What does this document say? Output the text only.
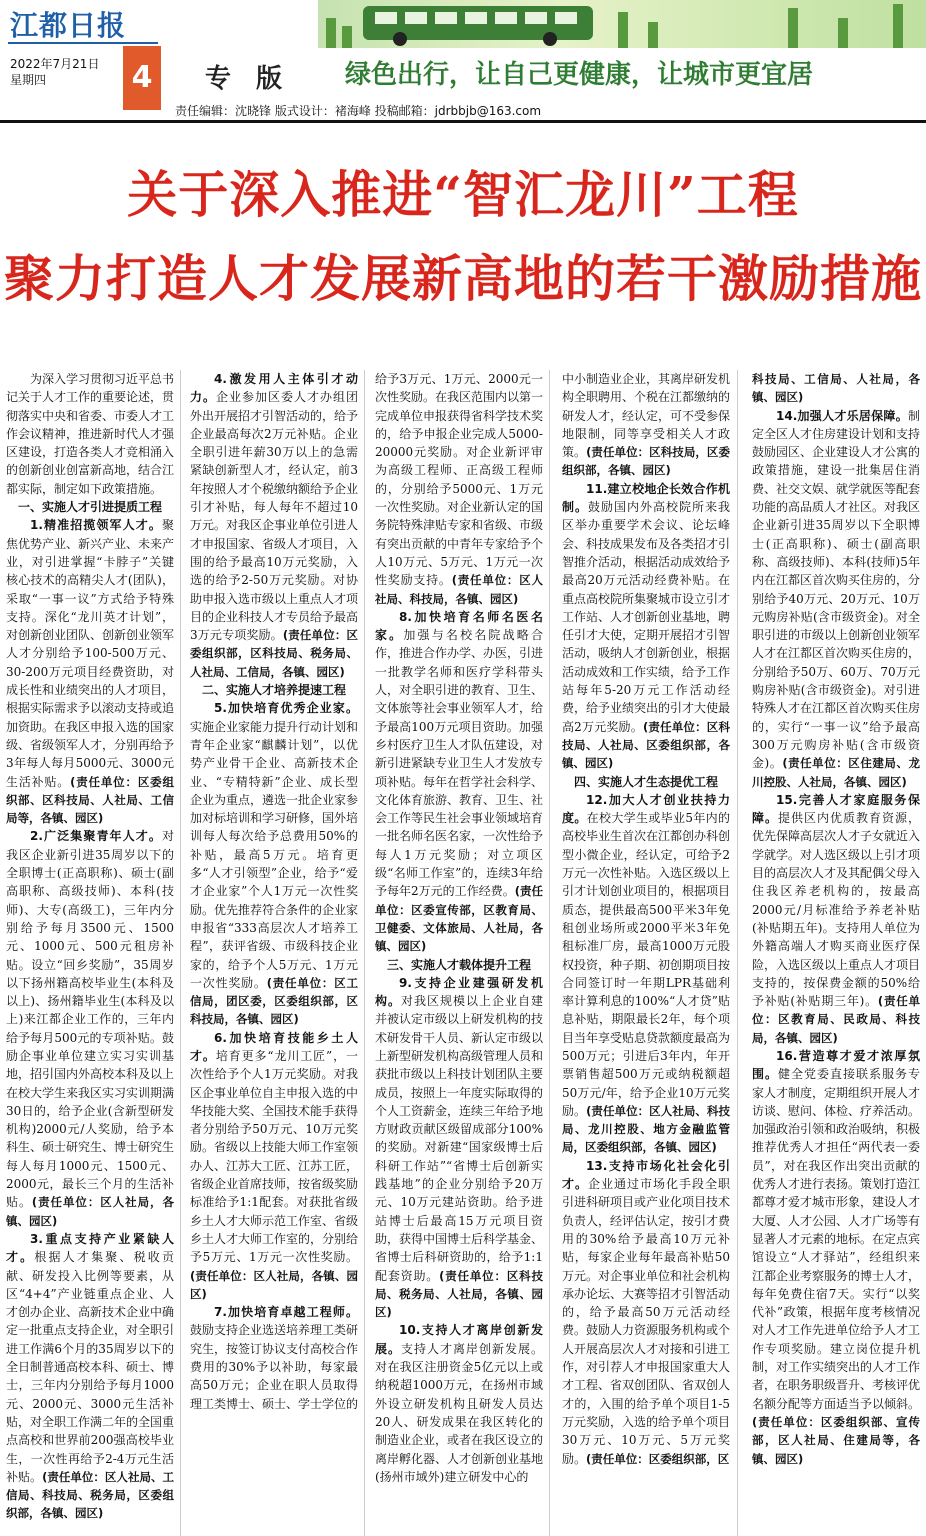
江都日报
2022年7月21日
星期四	4	专 版 绿色出行，让自己更健康，让城市更宜居
责任编辑：沈晓锋 版式设计：褚海峰 投稿邮箱：jdrbbjb@163.com
关于深入推进“智汇龙川”工程
聚力打造人才发展新高地的若干激励措施

为深入学习贯彻习近平总书记关于人才工作的重要论述，贯彻落实中央和省委、市委人才工作会议精神，推进新时代人才强区建设，打造各类人才竞相涌入的创新创业创富新高地，结合江都实际，制定如下政策措施。

一、实施人才引进提质工程

1.精准招揽领军人才。聚焦优势产业、新兴产业、未来产业，对引进掌握“卡脖子”关键核心技术的高精尖人才(团队)，采取“一事一议”方式给予特殊支持。深化“龙川英才计划”，对创新创业团队、创新创业领军人才分别给予100-500万元、30-200万元项目经费资助，对成长性和业绩突出的人才项目，根据实际需求予以滚动支持或追加资助。在我区申报入选的国家级、省级领军人才，分别再给予3年每人每月5000元、3000元生活补贴。(责任单位：区委组织部、区科技局、人社局、工信局等，各镇、园区)

2.广泛集聚青年人才。对我区企业新引进35周岁以下的全职博士(正高职称)、硕士(副高职称、高级技师)、本科(技师)、大专(高级工)，三年内分别给予每月3500元、1500元、1000元、500元租房补贴。设立“回乡奖励”，35周岁以下扬州籍高校毕业生(本科及以上)、扬州籍毕业生(本科及以上)来江都企业工作的，三年内给予每月500元的专项补贴。鼓励企事业单位建立实习实训基地，招引国内外高校本科及以上在校大学生来我区实习实训期满30日的，给予企业(含新型研发机构)2000元/人奖励，给予本科生、硕士研究生、博士研究生每人每月1000元、1500元、2000元，最长三个月的生活补贴。(责任单位：区人社局，各镇、园区)

3.重点支持产业紧缺人才。根据人才集聚、税收贡献、研发投入比例等要素，从区“4+4”产业链重点企业、人才创办企业、高新技术企业中确定一批重点支持企业，对全职引进工作满6个月的35周岁以下的全日制普通高校本科、硕士、博士，三年内分别给予每月1000元、2000元、3000元生活补贴，对全职工作满二年的全国重点高校和世界前200强高校毕业生，一次性再给予2-4万元生活补贴。(责任单位：区人社局、工信局、科技局、税务局，区委组织部，各镇、园区)

4.激发用人主体引才动力。企业参加区委人才办组团外出开展招才引智活动的，给予企业最高每次2万元补贴。企业全职引进年薪30万以上的急需紧缺创新型人才，经认定，前3年按照人才个税缴纳额给予企业引才补贴，每人每年不超过10万元。对我区企事业单位引进人才申报国家、省级人才项目，入围的给予最高10万元奖励，入选的给予2-50万元奖励。对协助申报入选市级以上重点人才项目的企业科技人才专员给予最高3万元专项奖励。(责任单位：区委组织部，区科技局、税务局、人社局、工信局，各镇、园区)

二、实施人才培养提速工程

5.加快培育优秀企业家。实施企业家能力提升行动计划和青年企业家“麒麟计划”，以优势产业骨干企业、高新技术企业、“专精特新”企业、成长型企业为重点，遴选一批企业家参加对标培训和学习研修，国外培训每人每次给予总费用50%的补贴，最高5万元。培育更多“人才引领型”企业，给予“爱才企业家”个人1万元一次性奖励。优先推荐符合条件的企业家申报省“333高层次人才培养工程”，获评省级、市级科技企业家的，给予个人5万元、1万元一次性奖励。(责任单位：区工信局，团区委，区委组织部，区科技局，各镇、园区)

6.加快培育技能乡土人才。培育更多“龙川工匠”，一次性给予个人1万元奖励。对我区企事业单位自主申报入选的中华技能大奖、全国技术能手获得者分别给予50万元、10万元奖励。省级以上技能大师工作室领办人、江苏大工匠、江苏工匠，省级企业首席技师，按省级奖励标准给予1:1配套。对获批省级乡土人才大师示范工作室、省级乡土人才大师工作室的，分别给予5万元、1万元一次性奖励。(责任单位：区人社局，各镇、园区)

7.加快培育卓越工程师。鼓励支持企业选送培养理工类研究生，按签订协议支付高校合作费用的30%予以补助，每家最高50万元；企业在职人员取得理工类博士、硕士、学士学位的

给予3万元、1万元、2000元一次性奖励。在我区范围内以第一完成单位申报获得省科学技术奖的，给予申报企业完成人5000-20000元奖励。对企业新评审为高级工程师、正高级工程师的，分别给予5000元、1万元一次性奖励。对企业新认定的国务院特殊津贴专家和省级、市级有突出贡献的中青年专家给予个人10万元、5万元、1万元一次性奖励支持。(责任单位：区人社局、科技局，各镇、园区)

8.加快培育名师名医名家。加强与名校名院战略合作，推进合作办学、办医，引进一批教学名师和医疗学科带头人，对全职引进的教育、卫生、文体旅等社会事业领军人才，给予最高100万元项目资助。加强乡村医疗卫生人才队伍建设，对新引进紧缺专业卫生人才发放专项补贴。每年在哲学社会科学、文化体育旅游、教育、卫生、社会工作等民生社会事业领域培育一批名师名医名家，一次性给予每人1万元奖励；对立项区级“名师工作室”的，连续3年给予每年2万元的工作经费。(责任单位：区委宣传部，区教育局、卫健委、文体旅局、人社局，各镇、园区)

三、实施人才载体提升工程

9.支持企业建强研发机构。对我区规模以上企业自建并被认定市级以上研发机构的技术研发骨干人员、新认定市级以上新型研发机构高级管理人员和获批市级以上科技计划团队主要成员，按照上一年度实际取得的个人工资薪金，连续三年给予地方财政贡献区级留成部分100%的奖励。对新建“国家级博士后科研工作站”“省博士后创新实践基地”的企业分别给予20万元、10万元建站资助。给予进站博士后最高15万元项目资助，获得中国博士后科学基金、省博士后科研资助的，给予1:1配套资助。(责任单位：区科技局、税务局、人社局，各镇、园区)

10.支持人才离岸创新发展。支持人才离岸创新发展。对在我区注册资金5亿元以上或纳税超1000万元，在扬州市域外设立研发机构且研发人员达20人、研发成果在我区转化的制造业企业，或者在我区设立的离岸孵化器、人才创新创业基地(扬州市域外)建立研发中心的

中小制造业企业，其离岸研发机构全职聘用、个税在江都缴纳的研发人才，经认定，可不受参保地限制，同等享受相关人才政策。(责任单位：区科技局，区委组织部，各镇、园区)

11.建立校地企长效合作机制。鼓励国内外高校院所来我区举办重要学术会议、论坛峰会、科技成果发布及各类招才引智推介活动，根据活动成效给予最高20万元活动经费补贴。在重点高校院所集聚城市设立引才工作站、人才创新创业基地，聘任引才大使，定期开展招才引智活动，吸纳人才创新创业，根据活动成效和工作实绩，给予工作站每年5-20万元工作活动经费，给予业绩突出的引才大使最高2万元奖励。(责任单位：区科技局、人社局、区委组织部，各镇、园区)

四、实施人才生态提优工程

12.加大人才创业扶持力度。在校大学生或毕业5年内的高校毕业生首次在江都创办科创型小微企业，经认定，可给予2万元一次性补贴。入选区级以上引才计划创业项目的，根据项目质态，提供最高500平米3年免租创业场所或2000平米3年免租标准厂房，最高1000万元股权投资，种子期、初创期项目按合同签订时一年期LPR基础利率计算利息的100%“人才贷”贴息补贴，期限最长2年，每个项目当年享受贴息贷款额度最高为500万元；引进后3年内，年开票销售超500万元或纳税额超50万元/年，给予企业10万元奖励。(责任单位：区人社局、科技局、龙川控股、地方金融监管局，区委组织部，各镇、园区)

13.支持市场化社会化引才。企业通过市场化手段全职引进科研项目或产业化项目技术负责人，经评估认定，按引才费用的30%给予最高10万元补贴，每家企业每年最高补贴50万元。对企事业单位和社会机构承办论坛、大赛等招才引智活动的，给予最高50万元活动经费。鼓励人力资源服务机构或个人开展高层次人才对接和引进工作，对引荐人才申报国家重大人才工程、省双创团队、省双创人才的，入围的给予单个项目1-5万元奖励，入选的给予单个项目30万元、10万元、5万元奖励。(责任单位：区委组织部，区

科技局、工信局、人社局，各镇、园区)

14.加强人才乐居保障。制定全区人才住房建设计划和支持鼓励园区、企业建设人才公寓的政策措施，建设一批集居住消费、社交文娱、就学就医等配套功能的高品质人才社区。对我区企业新引进35周岁以下全职博士(正高职称)、硕士(副高职称、高级技师)、本科(技师)5年内在江都区首次购买住房的，分别给予40万元、20万元、10万元购房补贴(含市级资金)。对全职引进的市级以上创新创业领军人才在江都区首次购买住房的，分别给予50万、60万、70万元购房补贴(含市级资金)。对引进特殊人才在江都区首次购买住房的，实行“一事一议”给予最高300万元购房补贴(含市级资金)。(责任单位：区住建局、龙川控股、人社局，各镇、园区)

15.完善人才家庭服务保障。提供区内优质教育资源，优先保障高层次人才子女就近入学就学。对人选区级以上引才项目的高层次人才及其配偶父母入住我区养老机构的，按最高2000元/月标准给予养老补贴(补贴期五年)。支持用人单位为外籍高端人才购买商业医疗保险，入选区级以上重点人才项目支持的，按保费金额的50%给予补贴(补贴期三年)。(责任单位：区教育局、民政局、科技局，各镇、园区)

16.营造尊才爱才浓厚氛围。健全党委直接联系服务专家人才制度，定期组织开展人才访谈、慰问、体检、疗养活动。加强政治引领和政治吸纳，积极推荐优秀人才担任“两代表一委员”，对在我区作出突出贡献的优秀人才进行表扬。策划打造江都尊才爱才城市形象，建设人才大厦、人才公园、人才广场等有显著人才元素的地标。在定点宾馆设立“人才驿站”，经组织来江都企业考察服务的博士人才，每年免费住宿7天。实行“以奖代补”政策，根据年度考核情况对人才工作先进单位给予人才工作专项奖励。建立岗位提升机制，对工作实绩突出的人才工作者，在职务职级晋升、考核评优名额分配等方面适当予以倾斜。(责任单位：区委组织部、宣传部，区人社局、住建局等，各镇、园区)
